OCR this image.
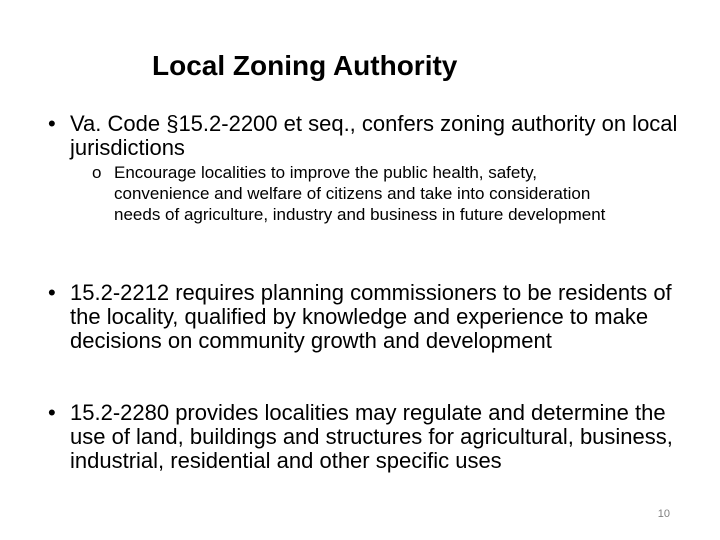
Local Zoning Authority
• Va. Code §15.2-2200 et seq., confers zoning authority on local jurisdictions
o Encourage localities to improve the public health, safety, convenience and welfare of citizens and take into consideration needs of agriculture, industry and business in future development
• 15.2-2212 requires planning commissioners to be residents of the locality, qualified by knowledge and experience to make decisions on community growth and development
• 15.2-2280 provides localities may regulate and determine the use of land, buildings and structures for agricultural, business, industrial, residential and other specific uses
10
